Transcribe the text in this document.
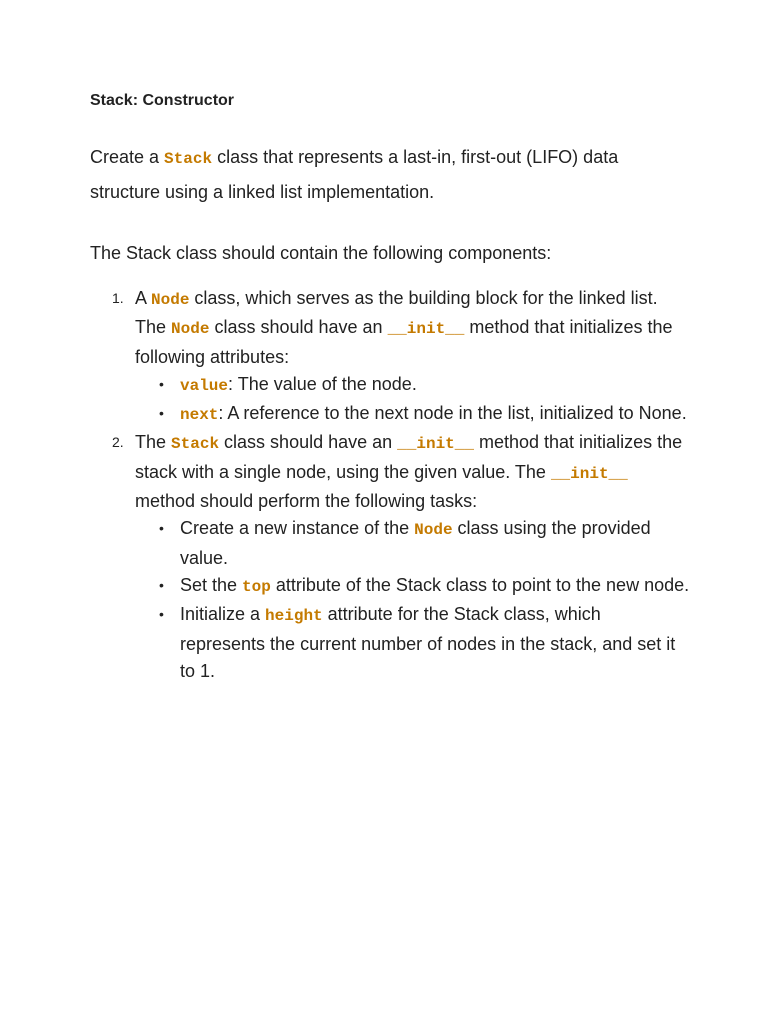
Stack: Constructor
Create a Stack class that represents a last-in, first-out (LIFO) data structure using a linked list implementation.
The Stack class should contain the following components:
1. A Node class, which serves as the building block for the linked list. The Node class should have an __init__ method that initializes the following attributes:
• value: The value of the node.
• next: A reference to the next node in the list, initialized to None.
2. The Stack class should have an __init__ method that initializes the stack with a single node, using the given value. The __init__ method should perform the following tasks:
• Create a new instance of the Node class using the provided value.
• Set the top attribute of the Stack class to point to the new node.
• Initialize a height attribute for the Stack class, which represents the current number of nodes in the stack, and set it to 1.
